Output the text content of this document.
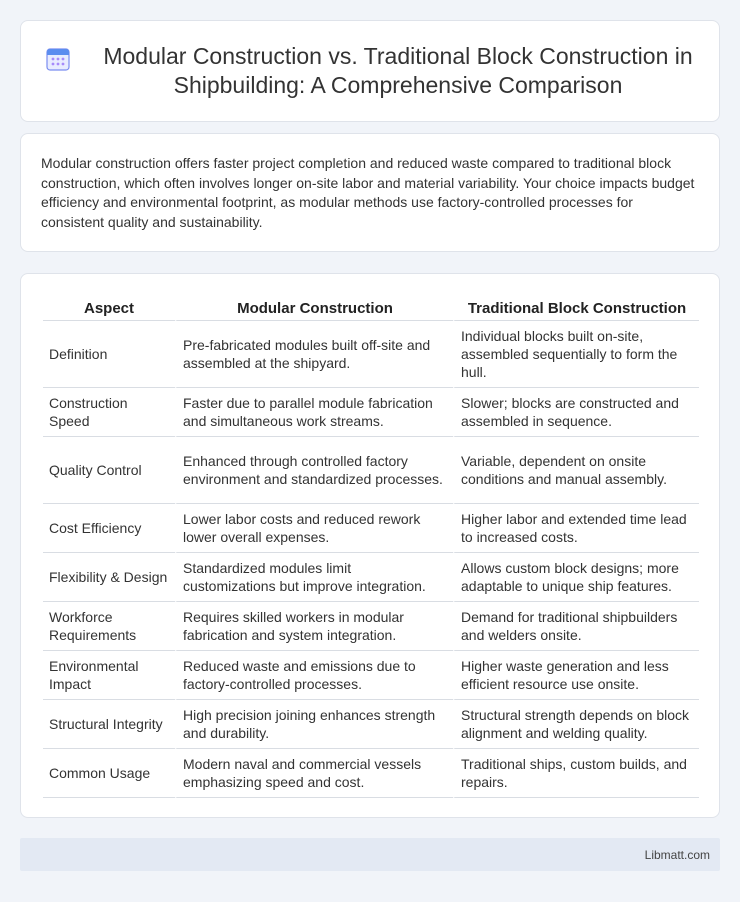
Modular Construction vs. Traditional Block Construction in Shipbuilding: A Comprehensive Comparison

Modular construction offers faster project completion and reduced waste compared to traditional block construction, which often involves longer on-site labor and material variability. Your choice impacts budget efficiency and environmental footprint, as modular methods use factory-controlled processes for consistent quality and sustainability.

Aspect	Modular Construction	Traditional Block Construction
Definition	Pre-fabricated modules built off-site and assembled at the shipyard.	Individual blocks built on-site, assembled sequentially to form the hull.
Construction Speed	Faster due to parallel module fabrication and simultaneous work streams.	Slower; blocks are constructed and assembled in sequence.
Quality Control	Enhanced through controlled factory environment and standardized processes.	Variable, dependent on onsite conditions and manual assembly.
Cost Efficiency	Lower labor costs and reduced rework lower overall expenses.	Higher labor and extended time lead to increased costs.
Flexibility & Design	Standardized modules limit customizations but improve integration.	Allows custom block designs; more adaptable to unique ship features.
Workforce Requirements	Requires skilled workers in modular fabrication and system integration.	Demand for traditional shipbuilders and welders onsite.
Environmental Impact	Reduced waste and emissions due to factory-controlled processes.	Higher waste generation and less efficient resource use onsite.
Structural Integrity	High precision joining enhances strength and durability.	Structural strength depends on block alignment and welding quality.
Common Usage	Modern naval and commercial vessels emphasizing speed and cost.	Traditional ships, custom builds, and repairs.
Libmatt.com
